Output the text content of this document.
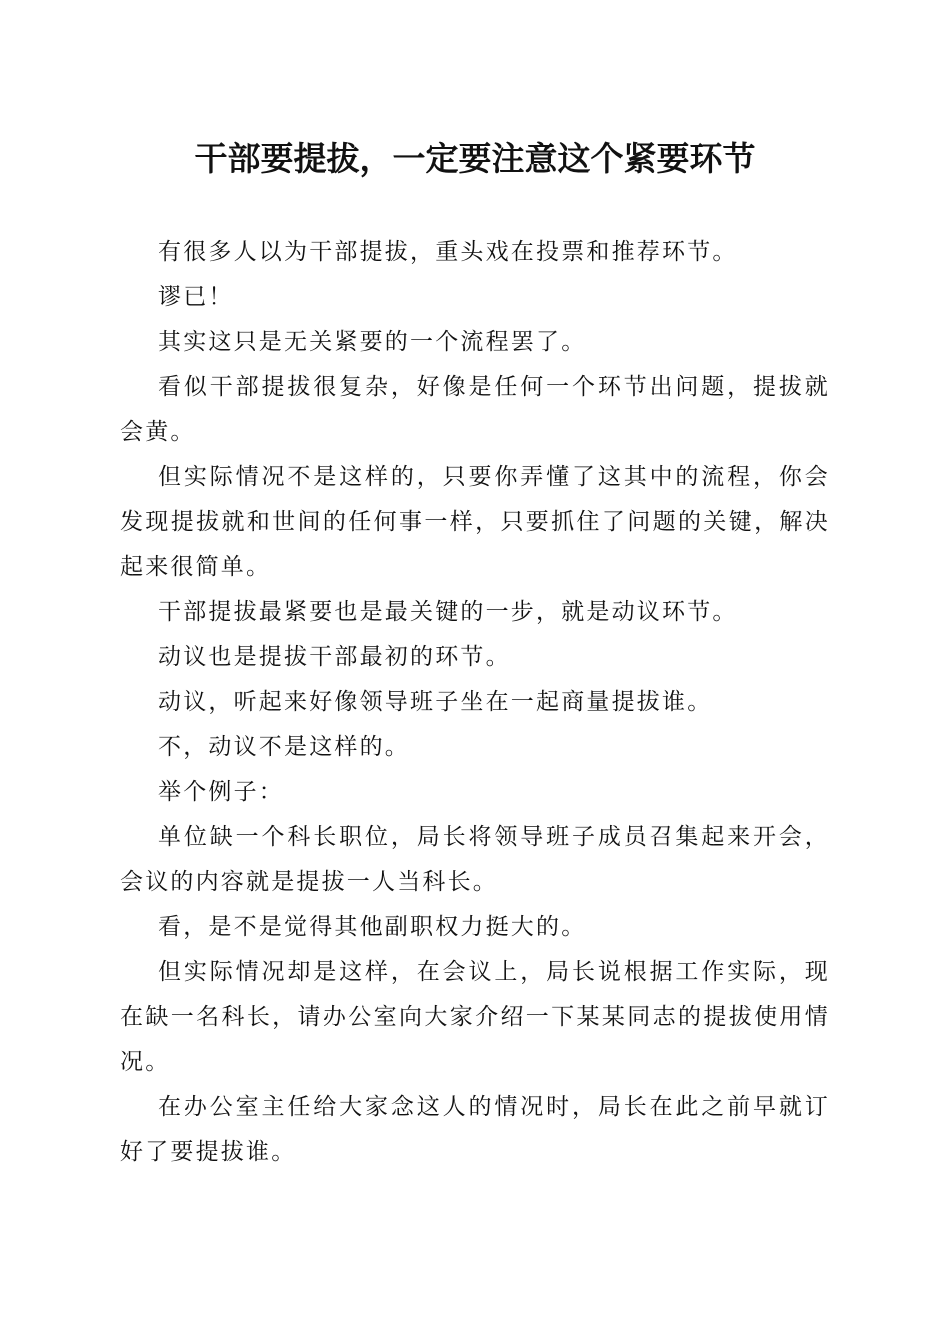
干部要提拔，一定要注意这个紧要环节

有很多人以为干部提拔，重头戏在投票和推荐环节。

谬已！

其实这只是无关紧要的一个流程罢了。

看似干部提拔很复杂，好像是任何一个环节出问题，提拔就会黄。

但实际情况不是这样的，只要你弄懂了这其中的流程，你会发现提拔就和世间的任何事一样，只要抓住了问题的关键，解决起来很简单。

干部提拔最紧要也是最关键的一步，就是动议环节。

动议也是提拔干部最初的环节。

动议，听起来好像领导班子坐在一起商量提拔谁。

不，动议不是这样的。

举个例子：

单位缺一个科长职位，局长将领导班子成员召集起来开会，会议的内容就是提拔一人当科长。

看，是不是觉得其他副职权力挺大的。

但实际情况却是这样，在会议上，局长说根据工作实际，现在缺一名科长，请办公室向大家介绍一下某某同志的提拔使用情况。

在办公室主任给大家念这人的情况时，局长在此之前早就订好了要提拔谁。
